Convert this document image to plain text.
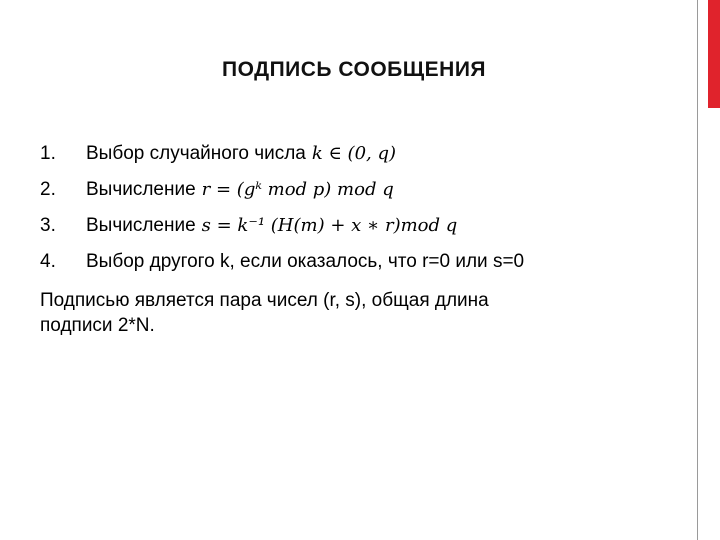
ПОДПИСЬ СООБЩЕНИЯ
1. Выбор случайного числа k ∈ (0, q)
2. Вычисление r = (gᵏ mod p) mod q
3. Вычисление s = k⁻¹ (H(m) + x ∗ r)mod q
4. Выбор другого k, если оказалось, что r=0 или s=0
Подписью является пара чисел (r, s), общая длина
подписи 2*N.
